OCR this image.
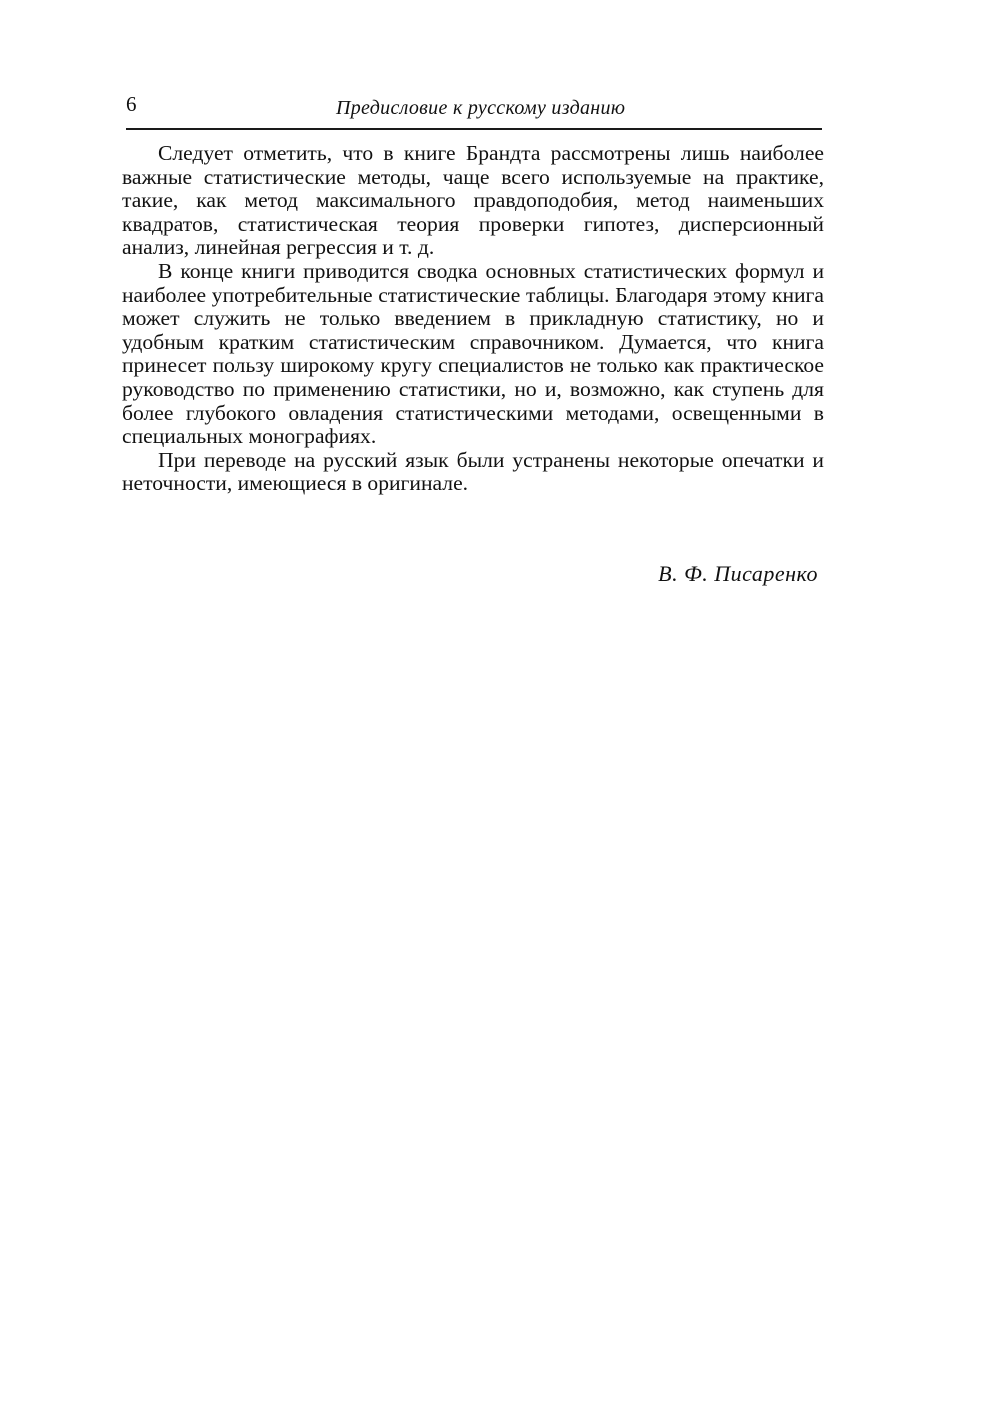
6	Предисловие к русскому изданию

Следует отметить, что в книге Брандта рассмотрены лишь наиболее важные статистические методы, чаще всего используемые на практике, такие, как метод максимального правдоподобия, метод наименьших квадратов, статистическая теория проверки гипотез, дисперсионный анализ, линейная регрессия и т. д.

В конце книги приводится сводка основных статистических формул и наиболее употребительные статистические таблицы. Благодаря этому книга может служить не только введением в прикладную статистику, но и удобным кратким статистическим справочником. Думается, что книга принесет пользу широкому кругу специалистов не только как практическое руководство по применению статистики, но и, возможно, как ступень для более глубокого овладения статистическими методами, освещенными в специальных монографиях.

При переводе на русский язык были устранены некоторые опечатки и неточности, имеющиеся в оригинале.

В. Ф. Писаренко
